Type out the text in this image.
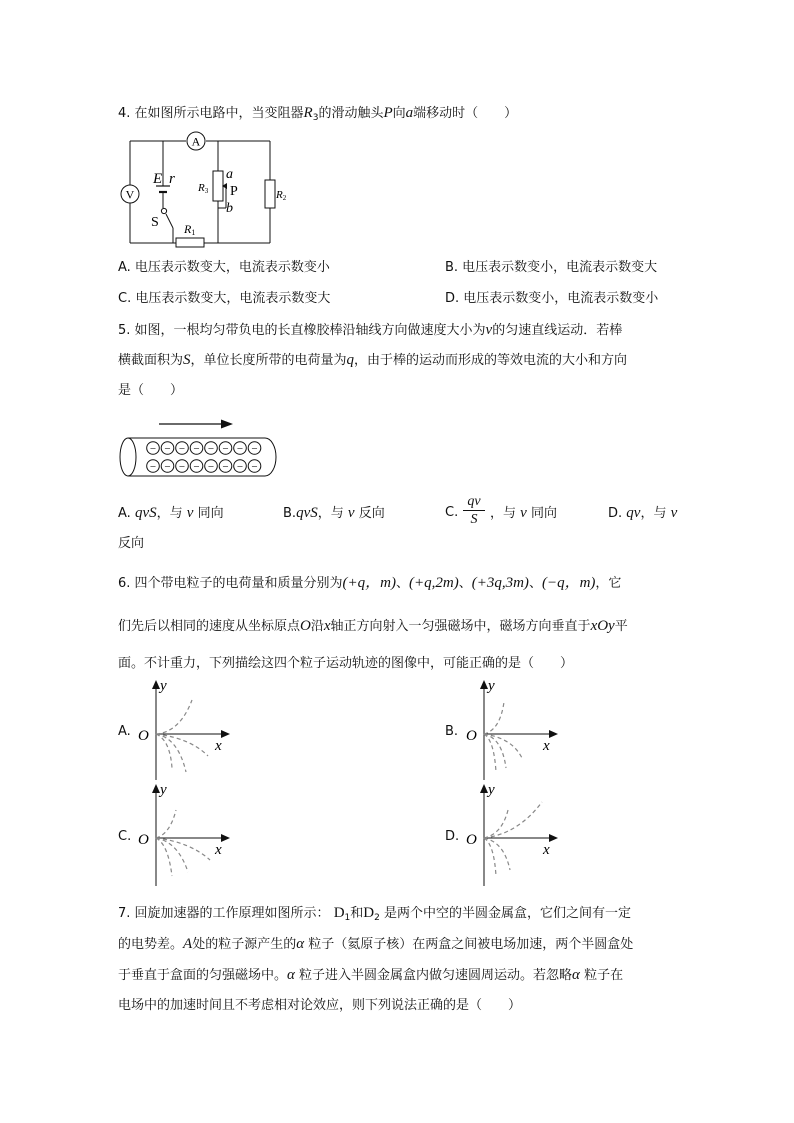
4. 在如图所示电路中，当变阻器$R_3$的滑动触头P向a端移动时（　　）
A
V
E r
S R1
R3
a
b
P	R2
A. 电压表示数变大，电流表示数变小	B. 电压表示数变小，电流表示数变大
C. 电压表示数变大，电流表示数变大	D. 电压表示数变小，电流表示数变小
5. 如图，一根均匀带负电的长直橡胶棒沿轴线方向做速度大小为v的匀速直线运动．若棒
横截面积为S，单位长度所带的电荷量为q，由于棒的运动而形成的等效电流的大小和方向
是（　　）
− − − − − − − −
− − − − − − − −
A. qvS，与 v 同向	B.qvS，与 v 反向	C.
qv
S ，与 v 同向	D. qv，与 v
反向
6. 四个带电粒子的电荷量和质量分别为(+q，m)、(+q,2m)、(+3q,3m)、(−q，m)，它
们先后以相同的速度从坐标原点O沿x轴正方向射入一匀强磁场中，磁场方向垂直于xOy平
面。不计重力，下列描绘这四个粒子运动轨迹的图像中，可能正确的是（　　）
A.
y
x
O	B.
y
x
O
C.
y
x
O	D.
y
x
O
7. 回旋加速器的工作原理如图所示： $D_1$和$D_2$ 是两个中空的半圆金属盒，它们之间有一定
的电势差。A处的粒子源产生的α 粒子（氦原子核）在两盒之间被电场加速，两个半圆盒处
于垂直于盒面的匀强磁场中。α 粒子进入半圆金属盒内做匀速圆周运动。若忽略α 粒子在
电场中的加速时间且不考虑相对论效应，则下列说法正确的是（　　）
